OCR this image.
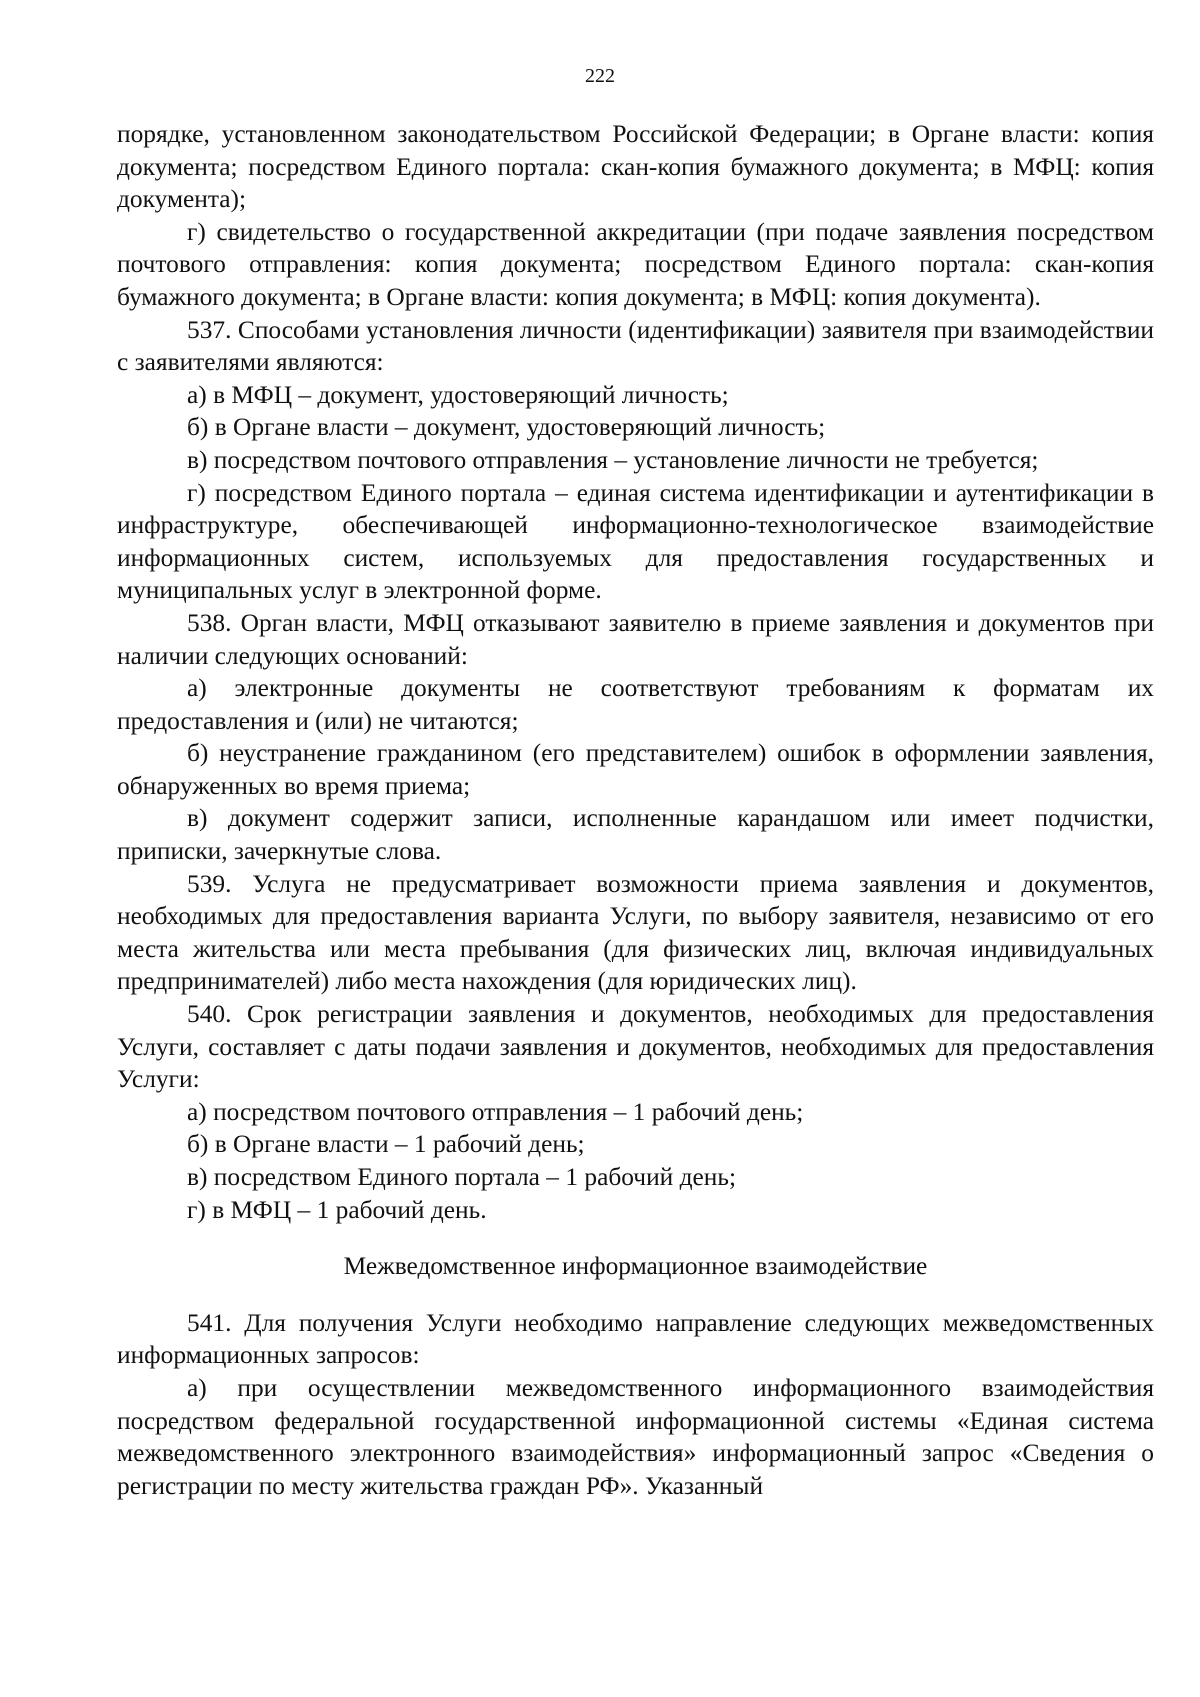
222

порядке, установленном законодательством Российской Федерации; в Органе власти: копия документа; посредством Единого портала: скан-копия бумажного документа; в МФЦ: копия документа);

г) свидетельство о государственной аккредитации (при подаче заявления посредством почтового отправления: копия документа; посредством Единого портала: скан-копия бумажного документа; в Органе власти: копия документа; в МФЦ: копия документа).

537. Способами установления личности (идентификации) заявителя при взаимодействии с заявителями являются:

а) в МФЦ – документ, удостоверяющий личность;

б) в Органе власти – документ, удостоверяющий личность;

в) посредством почтового отправления – установление личности не требуется;

г) посредством Единого портала – единая система идентификации и аутентификации в инфраструктуре, обеспечивающей информационно-технологическое взаимодействие информационных систем, используемых для предоставления государственных и муниципальных услуг в электронной форме.

538. Орган власти, МФЦ отказывают заявителю в приеме заявления и документов при наличии следующих оснований:

а) электронные документы не соответствуют требованиям к форматам их предоставления и (или) не читаются;

б) неустранение гражданином (его представителем) ошибок в оформлении заявления, обнаруженных во время приема;

в) документ содержит записи, исполненные карандашом или имеет подчистки, приписки, зачеркнутые слова.

539. Услуга не предусматривает возможности приема заявления и документов, необходимых для предоставления варианта Услуги, по выбору заявителя, независимо от его места жительства или места пребывания (для физических лиц, включая индивидуальных предпринимателей) либо места нахождения (для юридических лиц).

540. Срок регистрации заявления и документов, необходимых для предоставления Услуги, составляет с даты подачи заявления и документов, необходимых для предоставления Услуги:

а) посредством почтового отправления – 1 рабочий день;

б) в Органе власти – 1 рабочий день;

в) посредством Единого портала – 1 рабочий день;

г) в МФЦ – 1 рабочий день.

Межведомственное информационное взаимодействие

541. Для получения Услуги необходимо направление следующих межведомственных информационных запросов:

а) при осуществлении межведомственного информационного взаимодействия посредством федеральной государственной информационной системы «Единая система межведомственного электронного взаимодействия» информационный запрос «Сведения о регистрации по месту жительства граждан РФ». Указанный
